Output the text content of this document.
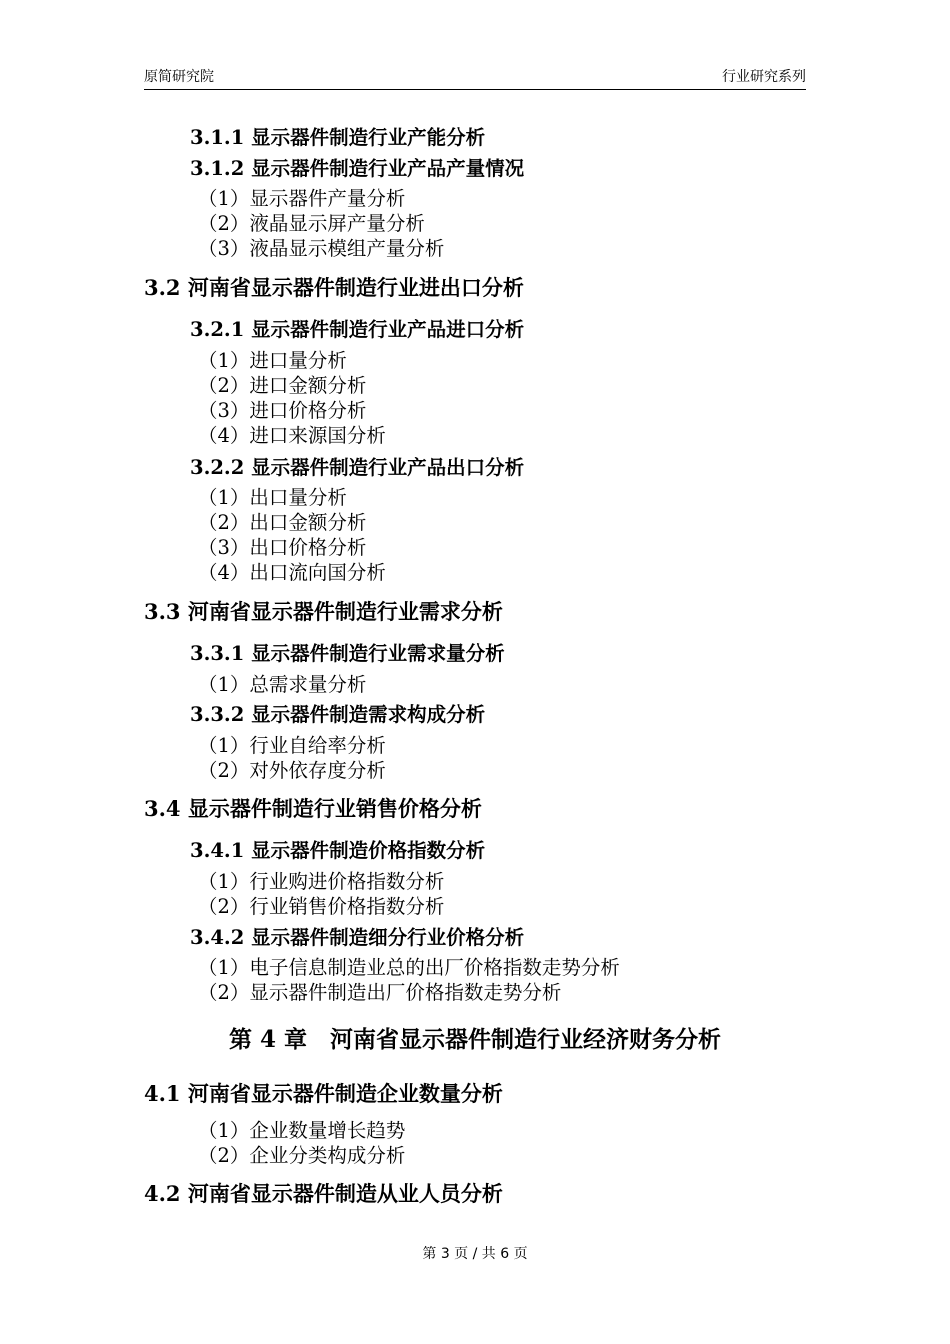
原简研究院	行业研究系列
3.1.1 显示器件制造行业产能分析
3.1.2 显示器件制造行业产品产量情况
（1）显示器件产量分析
（2）液晶显示屏产量分析
（3）液晶显示模组产量分析
3.2 河南省显示器件制造行业进出口分析
3.2.1 显示器件制造行业产品进口分析
（1）进口量分析
（2）进口金额分析
（3）进口价格分析
（4）进口来源国分析
3.2.2 显示器件制造行业产品出口分析
（1）出口量分析
（2）出口金额分析
（3）出口价格分析
（4）出口流向国分析
3.3 河南省显示器件制造行业需求分析
3.3.1 显示器件制造行业需求量分析
（1）总需求量分析
3.3.2 显示器件制造需求构成分析
（1）行业自给率分析
（2）对外依存度分析
3.4 显示器件制造行业销售价格分析
3.4.1 显示器件制造价格指数分析
（1）行业购进价格指数分析
（2）行业销售价格指数分析
3.4.2 显示器件制造细分行业价格分析
（1）电子信息制造业总的出厂价格指数走势分析
（2）显示器件制造出厂价格指数走势分析
第 4 章　河南省显示器件制造行业经济财务分析
4.1 河南省显示器件制造企业数量分析
（1）企业数量增长趋势
（2）企业分类构成分析
4.2 河南省显示器件制造从业人员分析
第 3 页 / 共 6 页
